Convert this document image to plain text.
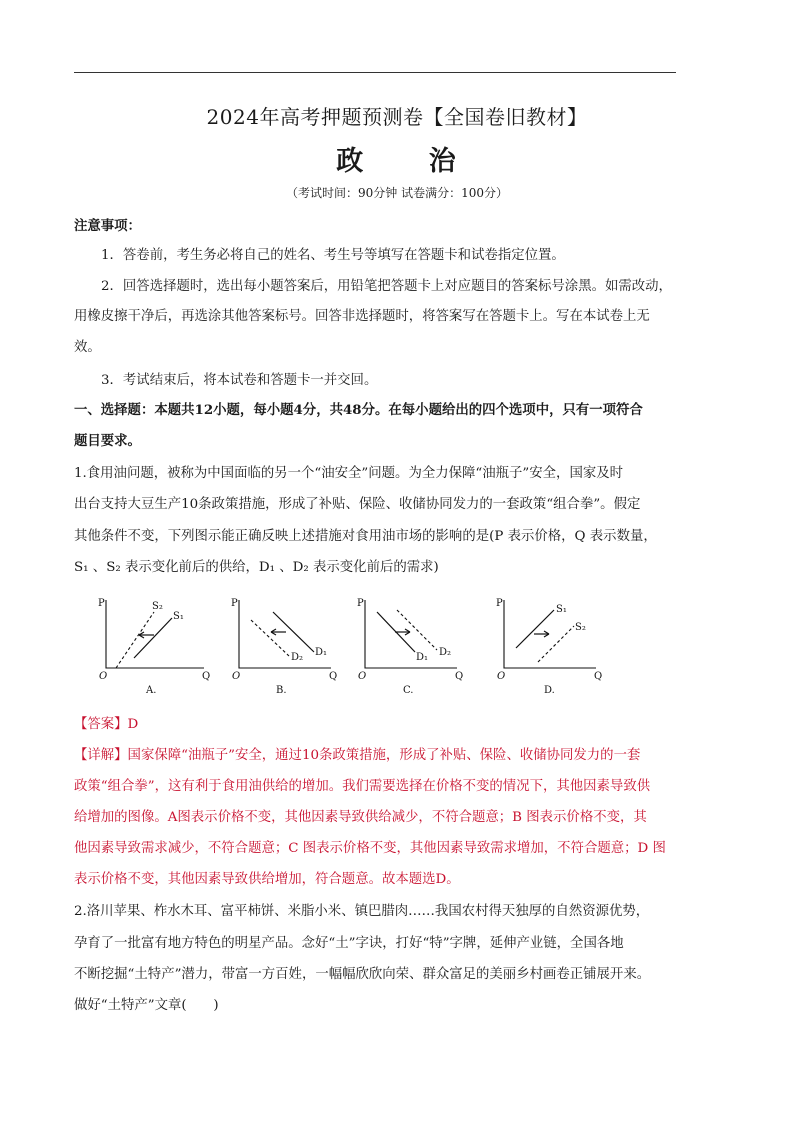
2024年高考押题预测卷【全国卷旧教材】
政 治
（考试时间：90分钟 试卷满分：100分）
注意事项：
1．答卷前，考生务必将自己的姓名、考生号等填写在答题卡和试卷指定位置。
2．回答选择题时，选出每小题答案后，用铅笔把答题卡上对应题目的答案标号涂黑。如需改动，
用橡皮擦干净后，再选涂其他答案标号。回答非选择题时，将答案写在答题卡上。写在本试卷上无
效。
3．考试结束后，将本试卷和答题卡一并交回。
一、选择题：本题共12小题，每小题4分，共48分。在每小题给出的四个选项中，只有一项符合
题目要求。
1.食用油问题，被称为中国面临的另一个“油安全”问题。为全力保障“油瓶子”安全，国家及时
出台支持大豆生产10条政策措施，形成了补贴、保险、收储协同发力的一套政策“组合拳”。假定
其他条件不变，下列图示能正确反映上述措施对食用油市场的影响的是(P 表示价格，Q 表示数量，
S₁ 、S₂ 表示变化前后的供给，D₁ 、D₂ 表示变化前后的需求)
P
Q
O
S₂
S₁
A.
P
Q
O
D₂ D₁
B.
P
Q
O
D₁ D₂
C.
P
Q
O
S₁
S₂
D.
【答案】D
【详解】国家保障“油瓶子”安全，通过10条政策措施，形成了补贴、保险、收储协同发力的一套
政策“组合拳”，这有利于食用油供给的增加。我们需要选择在价格不变的情况下，其他因素导致供
给增加的图像。A图表示价格不变，其他因素导致供给减少，不符合题意；B 图表示价格不变，其
他因素导致需求减少，不符合题意；C 图表示价格不变，其他因素导致需求增加，不符合题意；D 图
表示价格不变，其他因素导致供给增加，符合题意。故本题选D。
2.洛川苹果、柞水木耳、富平柿饼、米脂小米、镇巴腊肉……我国农村得天独厚的自然资源优势，
孕育了一批富有地方特色的明星产品。念好“土”字诀，打好“特”字牌，延伸产业链，全国各地
不断挖掘“土特产”潜力，带富一方百姓，一幅幅欣欣向荣、群众富足的美丽乡村画卷正铺展开来。
做好“土特产”文章(　　)
